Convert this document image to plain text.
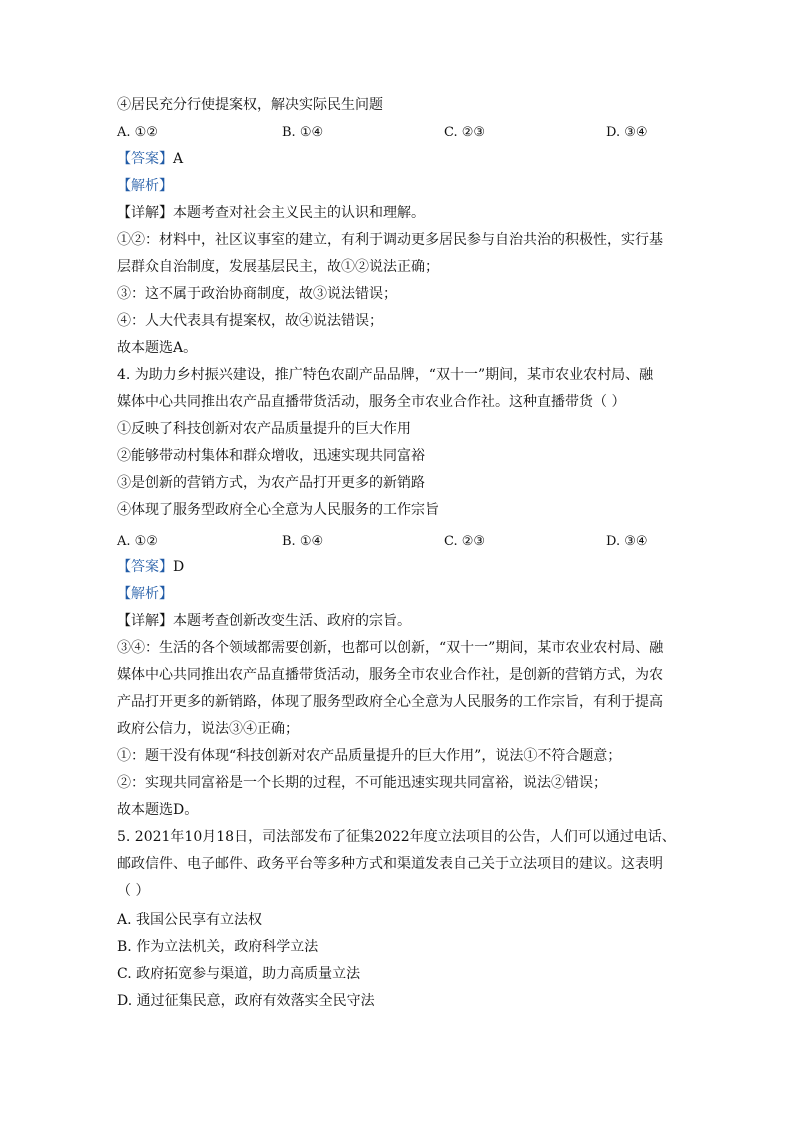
④居民充分行使提案权，解决实际民生问题
A. ①②	B. ①④	C. ②③	D. ③④
【答案】A
【解析】
【详解】本题考查对社会主义民主的认识和理解。
①②：材料中，社区议事室的建立，有利于调动更多居民参与自治共治的积极性，实行基
层群众自治制度，发展基层民主，故①②说法正确；
③：这不属于政治协商制度，故③说法错误；
④：人大代表具有提案权，故④说法错误；
故本题选A。
4. 为助力乡村振兴建设，推广特色农副产品品牌，“双十一”期间，某市农业农村局、融
媒体中心共同推出农产品直播带货活动，服务全市农业合作社。这种直播带货（ ）
①反映了科技创新对农产品质量提升的巨大作用
②能够带动村集体和群众增收，迅速实现共同富裕
③是创新的营销方式，为农产品打开更多的新销路
④体现了服务型政府全心全意为人民服务的工作宗旨
A. ①②	B. ①④	C. ②③	D. ③④
【答案】D
【解析】
【详解】本题考查创新改变生活、政府的宗旨。
③④：生活的各个领域都需要创新，也都可以创新，“双十一”期间，某市农业农村局、融
媒体中心共同推出农产品直播带货活动，服务全市农业合作社，是创新的营销方式，为农
产品打开更多的新销路，体现了服务型政府全心全意为人民服务的工作宗旨，有利于提高
政府公信力，说法③④正确；
①：题干没有体现“科技创新对农产品质量提升的巨大作用”，说法①不符合题意；
②：实现共同富裕是一个长期的过程，不可能迅速实现共同富裕，说法②错误；
故本题选D。
5. 2021年10月18日，司法部发布了征集2022年度立法项目的公告，人们可以通过电话、
邮政信件、电子邮件、政务平台等多种方式和渠道发表自己关于立法项目的建议。这表明
（ ）
A. 我国公民享有立法权
B. 作为立法机关，政府科学立法
C. 政府拓宽参与渠道，助力高质量立法
D. 通过征集民意，政府有效落实全民守法
